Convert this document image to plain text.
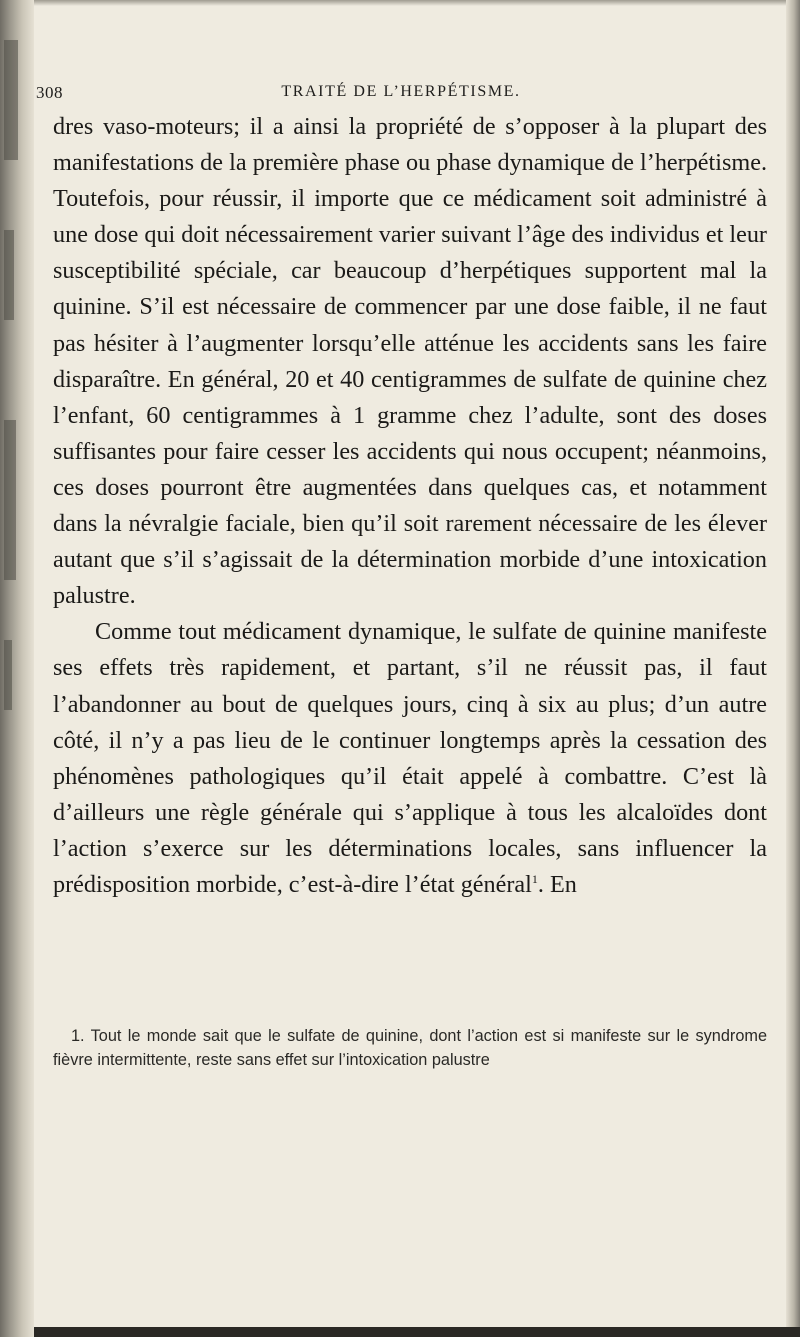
308	TRAITÉ DE L’HERPÉTISME.

dres vaso-moteurs; il a ainsi la propriété de s’opposer à la plupart des manifestations de la première phase ou phase dynamique de l’herpétisme. Toutefois, pour réussir, il importe que ce médicament soit administré à une dose qui doit nécessairement varier suivant l’âge des individus et leur susceptibilité spéciale, car beaucoup d’herpétiques supportent mal la quinine. S’il est nécessaire de commencer par une dose faible, il ne faut pas hésiter à l’augmenter lorsqu’elle atténue les accidents sans les faire disparaître. En général, 20 et 40 centigrammes de sulfate de quinine chez l’enfant, 60 centigrammes à 1 gramme chez l’adulte, sont des doses suffisantes pour faire cesser les accidents qui nous occupent; néanmoins, ces doses pourront être augmentées dans quelques cas, et notamment dans la névralgie faciale, bien qu’il soit rarement nécessaire de les élever autant que s’il s’agissait de la détermination morbide d’une intoxication palustre.

Comme tout médicament dynamique, le sulfate de quinine manifeste ses effets très rapidement, et partant, s’il ne réussit pas, il faut l’abandonner au bout de quelques jours, cinq à six au plus; d’un autre côté, il n’y a pas lieu de le continuer longtemps après la cessation des phénomènes pathologiques qu’il était appelé à combattre. C’est là d’ailleurs une règle générale qui s’applique à tous les alcaloïdes dont l’action s’exerce sur les déterminations locales, sans influencer la prédisposition morbide, c’est-à-dire l’état général$^1$. En

1. Tout le monde sait que le sulfate de quinine, dont l’action est si manifeste sur le syndrome fièvre intermittente, reste sans effet sur l’intoxication palustre
